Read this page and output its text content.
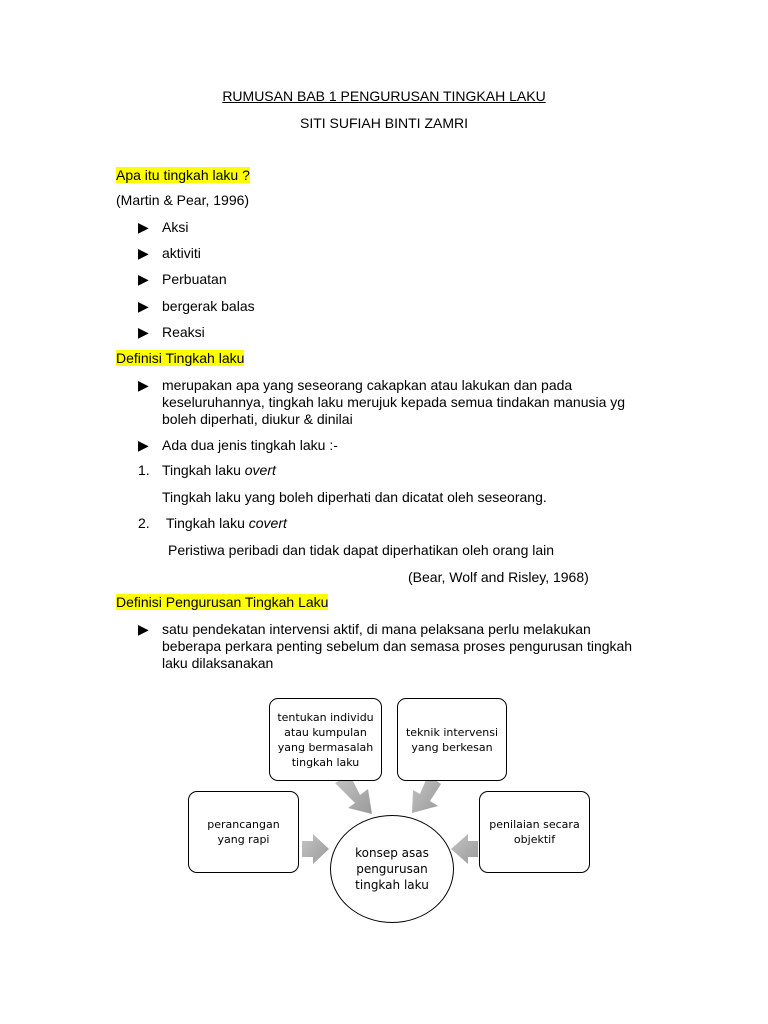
RUMUSAN BAB 1 PENGURUSAN TINGKAH LAKU
SITI SUFIAH BINTI ZAMRI
Apa itu tingkah laku ?
(Martin & Pear, 1996)
▶ Aksi
▶ aktiviti
▶ Perbuatan
▶ bergerak balas
▶ Reaksi
Definisi Tingkah laku
▶ merupakan apa yang seseorang cakapkan atau lakukan dan pada keseluruhannya, tingkah laku merujuk kepada semua tindakan manusia yg boleh diperhati, diukur & dinilai
▶ Ada dua jenis tingkah laku :-
1. Tingkah laku overt
Tingkah laku yang boleh diperhati dan dicatat oleh seseorang.
2. Tingkah laku covert
Peristiwa peribadi dan tidak dapat diperhatikan oleh orang lain
(Bear, Wolf and Risley, 1968)
Definisi Pengurusan Tingkah Laku
▶ satu pendekatan intervensi aktif, di mana pelaksana perlu melakukan beberapa perkara penting sebelum dan semasa proses pengurusan tingkah laku dilaksanakan
tentukan individu atau kumpulan yang bermasalah tingkah laku
teknik intervensi yang berkesan
perancangan yang rapi
penilaian secara objektif
konsep asas pengurusan tingkah laku
